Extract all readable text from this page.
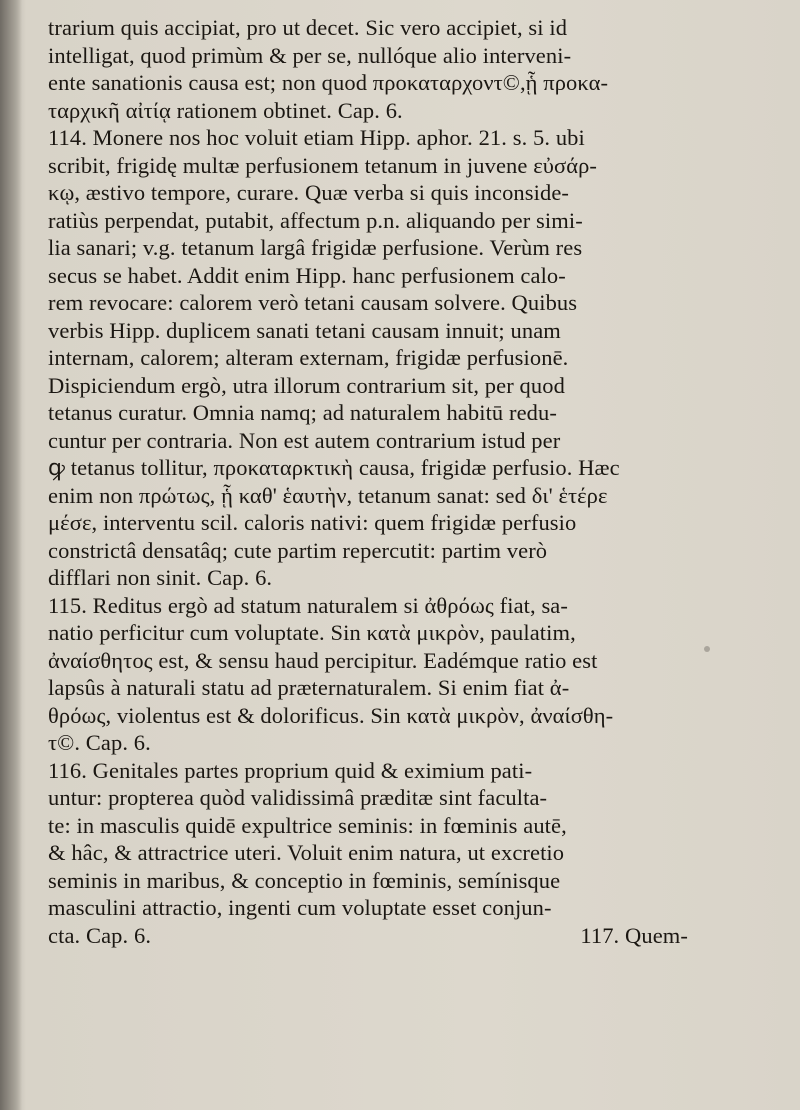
trarium quis accipiat, pro ut decet. Sic vero accipiet, si id
intelligat, quod primùm & per se, nullóque alio interveni-
ente sanationis causa est; non quod προκαταρχοντ©,ᾗ προκα-
ταρχικῆ αἰτίᾳ rationem obtinet. Cap. 6.
114. Monere nos hoc voluit etiam Hipp. aphor. 21. s. 5. ubi
scribit, frigidę multæ perfusionem tetanum in juvene εὐσάρ-
κῳ, æstivo tempore, curare. Quæ verba si quis inconside-
ratiùs perpendat, putabit, affectum p.n. aliquando per simi-
lia sanari; v.g. tetanum largâ frigidæ perfusione. Verùm res
secus se habet. Addit enim Hipp. hanc perfusionem calo-
rem revocare: calorem verò tetani causam solvere. Quibus
verbis Hipp. duplicem sanati tetani causam innuit; unam
internam, calorem; alteram externam, frigidæ perfusionē.
Dispiciendum ergò, utra illorum contrarium sit, per quod
tetanus curatur. Omnia namq; ad naturalem habitū redu-
cuntur per contraria. Non est autem contrarium istud per
ꝙ tetanus tollitur, προκαταρκτικὴ causa, frigidæ perfusio. Hæc
enim non πρώτως, ᾗ καθ' ἑαυτὴν, tetanum sanat: sed δι' ἑτέρε
μέσε, interventu scil. caloris nativi: quem frigidæ perfusio
constrictâ densatâq; cute partim repercutit: partim verò
difflari non sinit. Cap. 6.
115. Reditus ergò ad statum naturalem si ἀθρόως fiat, sa-
natio perficitur cum voluptate. Sin κατὰ μικρὸν, paulatim,
ἀναίσθητος est, & sensu haud percipitur. Eadémque ratio est
lapsûs à naturali statu ad præternaturalem. Si enim fiat ἀ-
θρόως, violentus est & dolorificus. Sin κατὰ μικρὸν, ἀναίσθη-
τ©. Cap. 6.
116. Genitales partes proprium quid & eximium pati-
untur: propterea quòd validissimâ præditæ sint faculta-
te: in masculis quidē expultrice seminis: in fœminis autē,
& hâc, & attractrice uteri. Voluit enim natura, ut excretio
seminis in maribus, & conceptio in fœminis, semínisque
masculini attractio, ingenti cum voluptate esset conjun-
cta. Cap. 6.	117. Quem-
